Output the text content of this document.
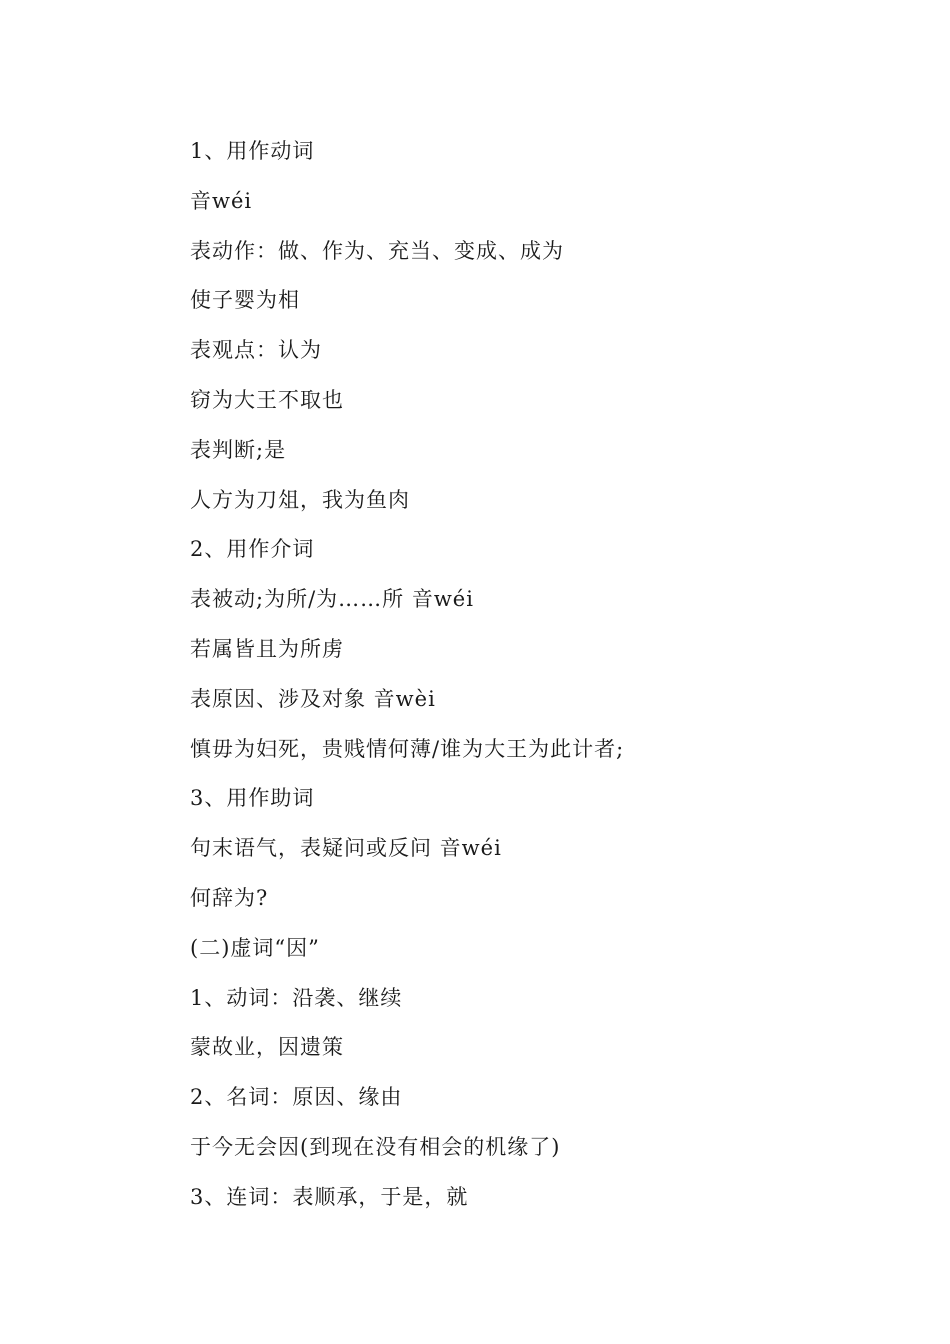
1、用作动词
音wéi
表动作：做、作为、充当、变成、成为
使子婴为相
表观点：认为
窃为大王不取也
表判断;是
人方为刀俎，我为鱼肉
2、用作介词
表被动;为所/为……所 音wéi
若属皆且为所虏
表原因、涉及对象 音wèi
慎毋为妇死，贵贱情何薄/谁为大王为此计者;
3、用作助词
句末语气，表疑问或反问 音wéi
何辞为?
(二)虚词“因”
1、动词：沿袭、继续
蒙故业，因遗策
2、名词：原因、缘由
于今无会因(到现在没有相会的机缘了)
3、连词：表顺承，于是，就
